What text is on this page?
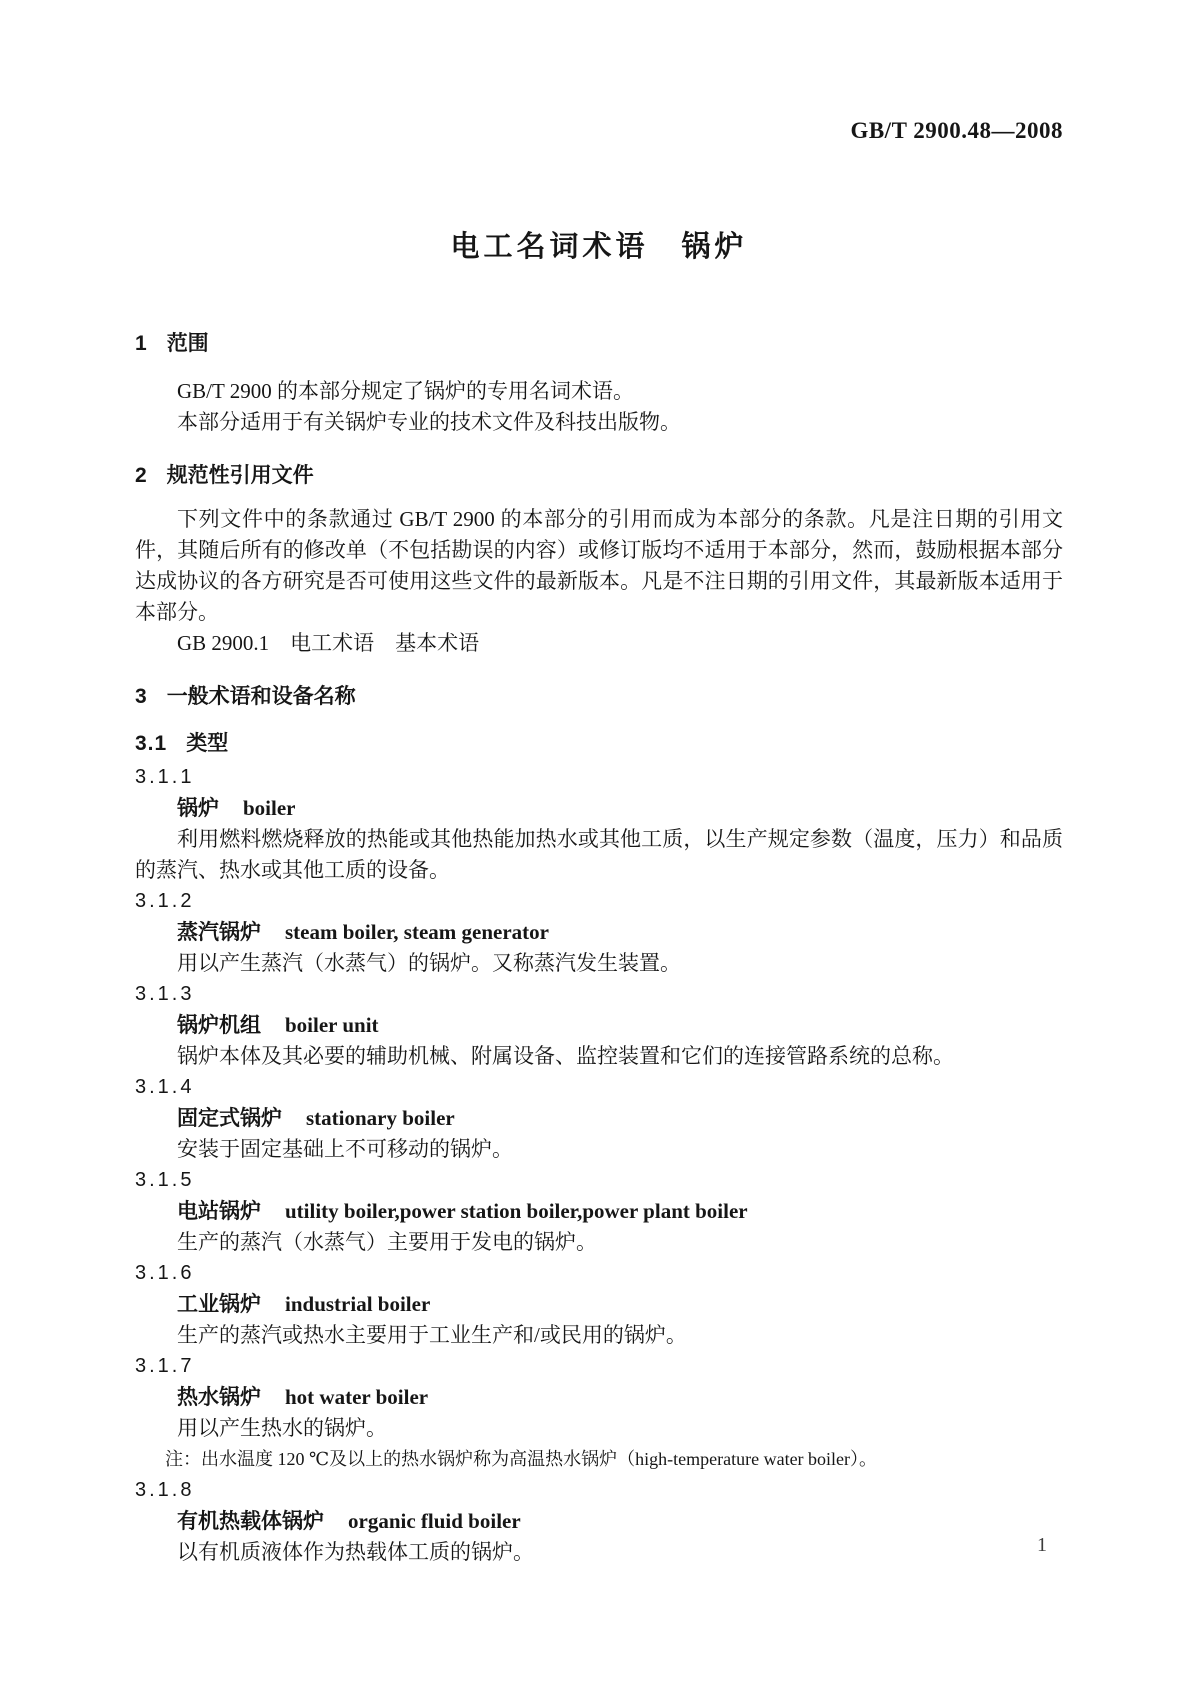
GB/T 2900.48—2008
电工名词术语　锅炉
1 范围

GB/T 2900 的本部分规定了锅炉的专用名词术语。

本部分适用于有关锅炉专业的技术文件及科技出版物。

2 规范性引用文件

下列文件中的条款通过 GB/T 2900 的本部分的引用而成为本部分的条款。凡是注日期的引用文件，其随后所有的修改单（不包括勘误的内容）或修订版均不适用于本部分，然而，鼓励根据本部分达成协议的各方研究是否可使用这些文件的最新版本。凡是不注日期的引用文件，其最新版本适用于本部分。

GB 2900.1　电工术语　基本术语

3 一般术语和设备名称
3.1 类型
3.1.1
锅炉 boiler

利用燃料燃烧释放的热能或其他热能加热水或其他工质，以生产规定参数（温度，压力）和品质的蒸汽、热水或其他工质的设备。

3.1.2
蒸汽锅炉 steam boiler, steam generator

用以产生蒸汽（水蒸气）的锅炉。又称蒸汽发生装置。

3.1.3
锅炉机组 boiler unit

锅炉本体及其必要的辅助机械、附属设备、监控装置和它们的连接管路系统的总称。

3.1.4
固定式锅炉 stationary boiler

安装于固定基础上不可移动的锅炉。

3.1.5
电站锅炉 utility boiler,power station boiler,power plant boiler

生产的蒸汽（水蒸气）主要用于发电的锅炉。

3.1.6
工业锅炉 industrial boiler

生产的蒸汽或热水主要用于工业生产和/或民用的锅炉。

3.1.7
热水锅炉 hot water boiler

用以产生热水的锅炉。

注：出水温度 120 ℃及以上的热水锅炉称为高温热水锅炉（high-temperature water boiler）。

3.1.8
有机热载体锅炉 organic fluid boiler

以有机质液体作为热载体工质的锅炉。	1
